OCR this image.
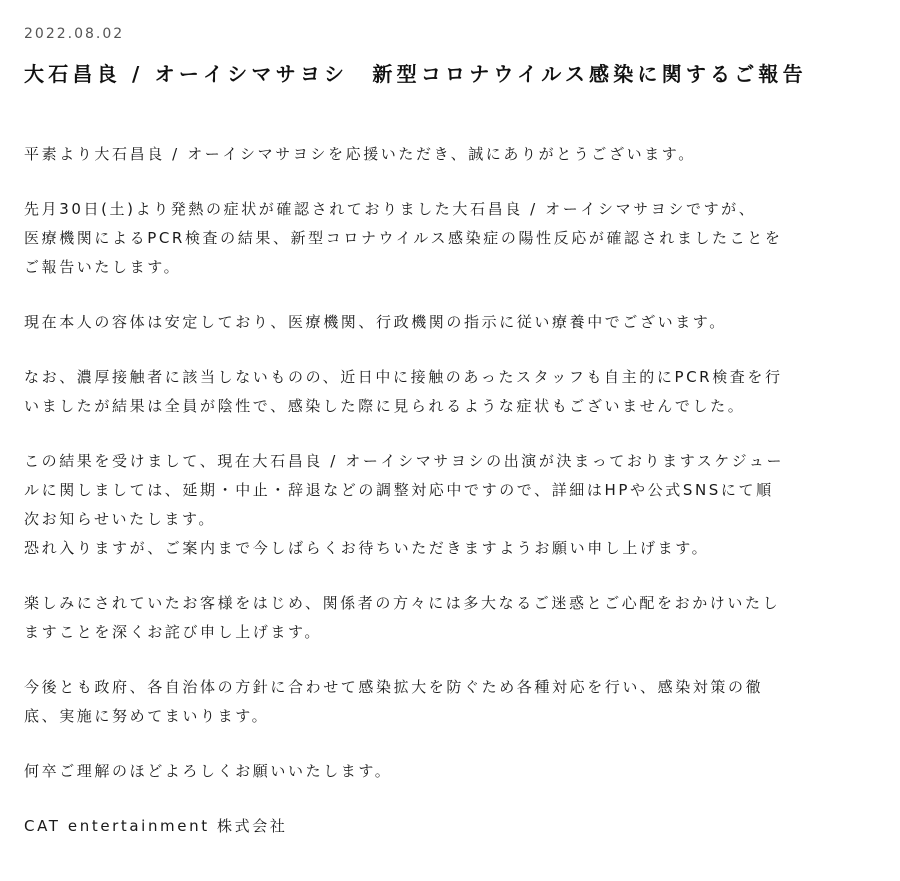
2022.08.02
大石昌良 / オーイシマサヨシ　新型コロナウイルス感染に関するご報告
平素より大石昌良 / オーイシマサヨシを応援いただき、誠にありがとうございます。
先月30日(土)より発熱の症状が確認されておりました大石昌良 / オーイシマサヨシですが、
医療機関によるPCR検査の結果、新型コロナウイルス感染症の陽性反応が確認されましたことを
ご報告いたします。
現在本人の容体は安定しており、医療機関、行政機関の指示に従い療養中でございます。
なお、濃厚接触者に該当しないものの、近日中に接触のあったスタッフも自主的にPCR検査を行
いましたが結果は全員が陰性で、感染した際に見られるような症状もございませんでした。
この結果を受けまして、現在大石昌良 / オーイシマサヨシの出演が決まっておりますスケジュー
ルに関しましては、延期・中止・辞退などの調整対応中ですので、詳細はHPや公式SNSにて順
次お知らせいたします。
恐れ入りますが、ご案内まで今しばらくお待ちいただきますようお願い申し上げます。
楽しみにされていたお客様をはじめ、関係者の方々には多大なるご迷惑とご心配をおかけいたし
ますことを深くお詫び申し上げます。
今後とも政府、各自治体の方針に合わせて感染拡大を防ぐため各種対応を行い、感染対策の徹
底、実施に努めてまいります。
何卒ご理解のほどよろしくお願いいたします。
CAT entertainment 株式会社
